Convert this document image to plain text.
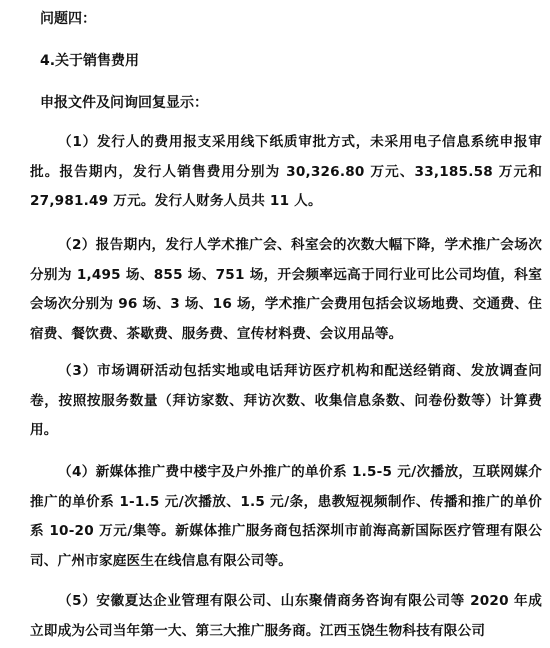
问题四：
4.关于销售费用
申报文件及问询回复显示：
（1）发行人的费用报支采用线下纸质审批方式，未采用电子信息系统申报审批。报告期内，发行人销售费用分别为 30,326.80 万元、33,185.58 万元和 27,981.49 万元。发行人财务人员共 11 人。
（2）报告期内，发行人学术推广会、科室会的次数大幅下降，学术推广会场次分别为 1,495 场、855 场、751 场，开会频率远高于同行业可比公司均值，科室会场次分别为 96 场、3 场、16 场，学术推广会费用包括会议场地费、交通费、住宿费、餐饮费、茶歇费、服务费、宣传材料费、会议用品等。
（3）市场调研活动包括实地或电话拜访医疗机构和配送经销商、发放调查问卷，按照按服务数量（拜访家数、拜访次数、收集信息条数、问卷份数等）计算费用。
（4）新媒体推广费中楼宇及户外推广的单价系 1.5-5 元/次播放，互联网媒介推广的单价系 1-1.5 元/次播放、1.5 元/条，患教短视频制作、传播和推广的单价系 10-20 万元/集等。新媒体推广服务商包括深圳市前海高新国际医疗管理有限公司、广州市家庭医生在线信息有限公司等。
（5）安徽夏达企业管理有限公司、山东聚倩商务咨询有限公司等 2020 年成立即成为公司当年第一大、第三大推广服务商。江西玉饶生物科技有限公司
